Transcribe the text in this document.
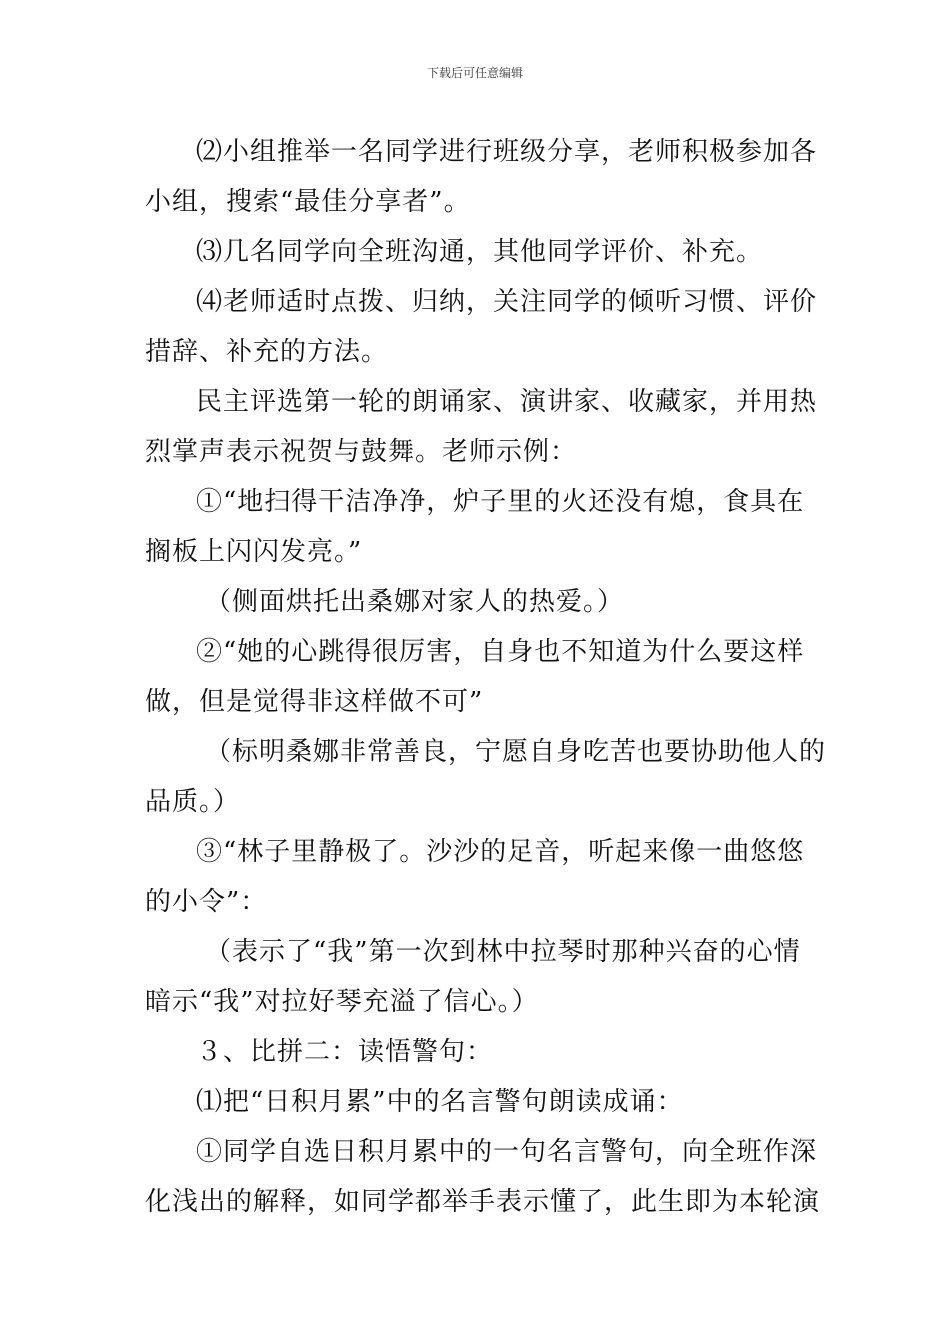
下载后可任意编辑
⑵小组推举一名同学进行班级分享，老师积极参加各
小组，搜索“最佳分享者”。
⑶几名同学向全班沟通，其他同学评价、补充。
⑷老师适时点拨、归纳，关注同学的倾听习惯、评价
措辞、补充的方法。
民主评选第一轮的朗诵家、演讲家、收藏家，并用热
烈掌声表示祝贺与鼓舞。老师示例：
①“地扫得干洁净净，炉子里的火还没有熄，食具在
搁板上闪闪发亮。”
（侧面烘托出桑娜对家人的热爱。）
②“她的心跳得很厉害，自身也不知道为什么要这样
做，但是觉得非这样做不可”
（标明桑娜非常善良，宁愿自身吃苦也要协助他人的
品质。）
③“林子里静极了。沙沙的足音，听起来像一曲悠悠
的小令”：
（表示了“我”第一次到林中拉琴时那种兴奋的心情
暗示“我”对拉好琴充溢了信心。）
３、比拼二：读悟警句：
⑴把“日积月累”中的名言警句朗读成诵：
①同学自选日积月累中的一句名言警句，向全班作深
化浅出的解释，如同学都举手表示懂了，此生即为本轮演
